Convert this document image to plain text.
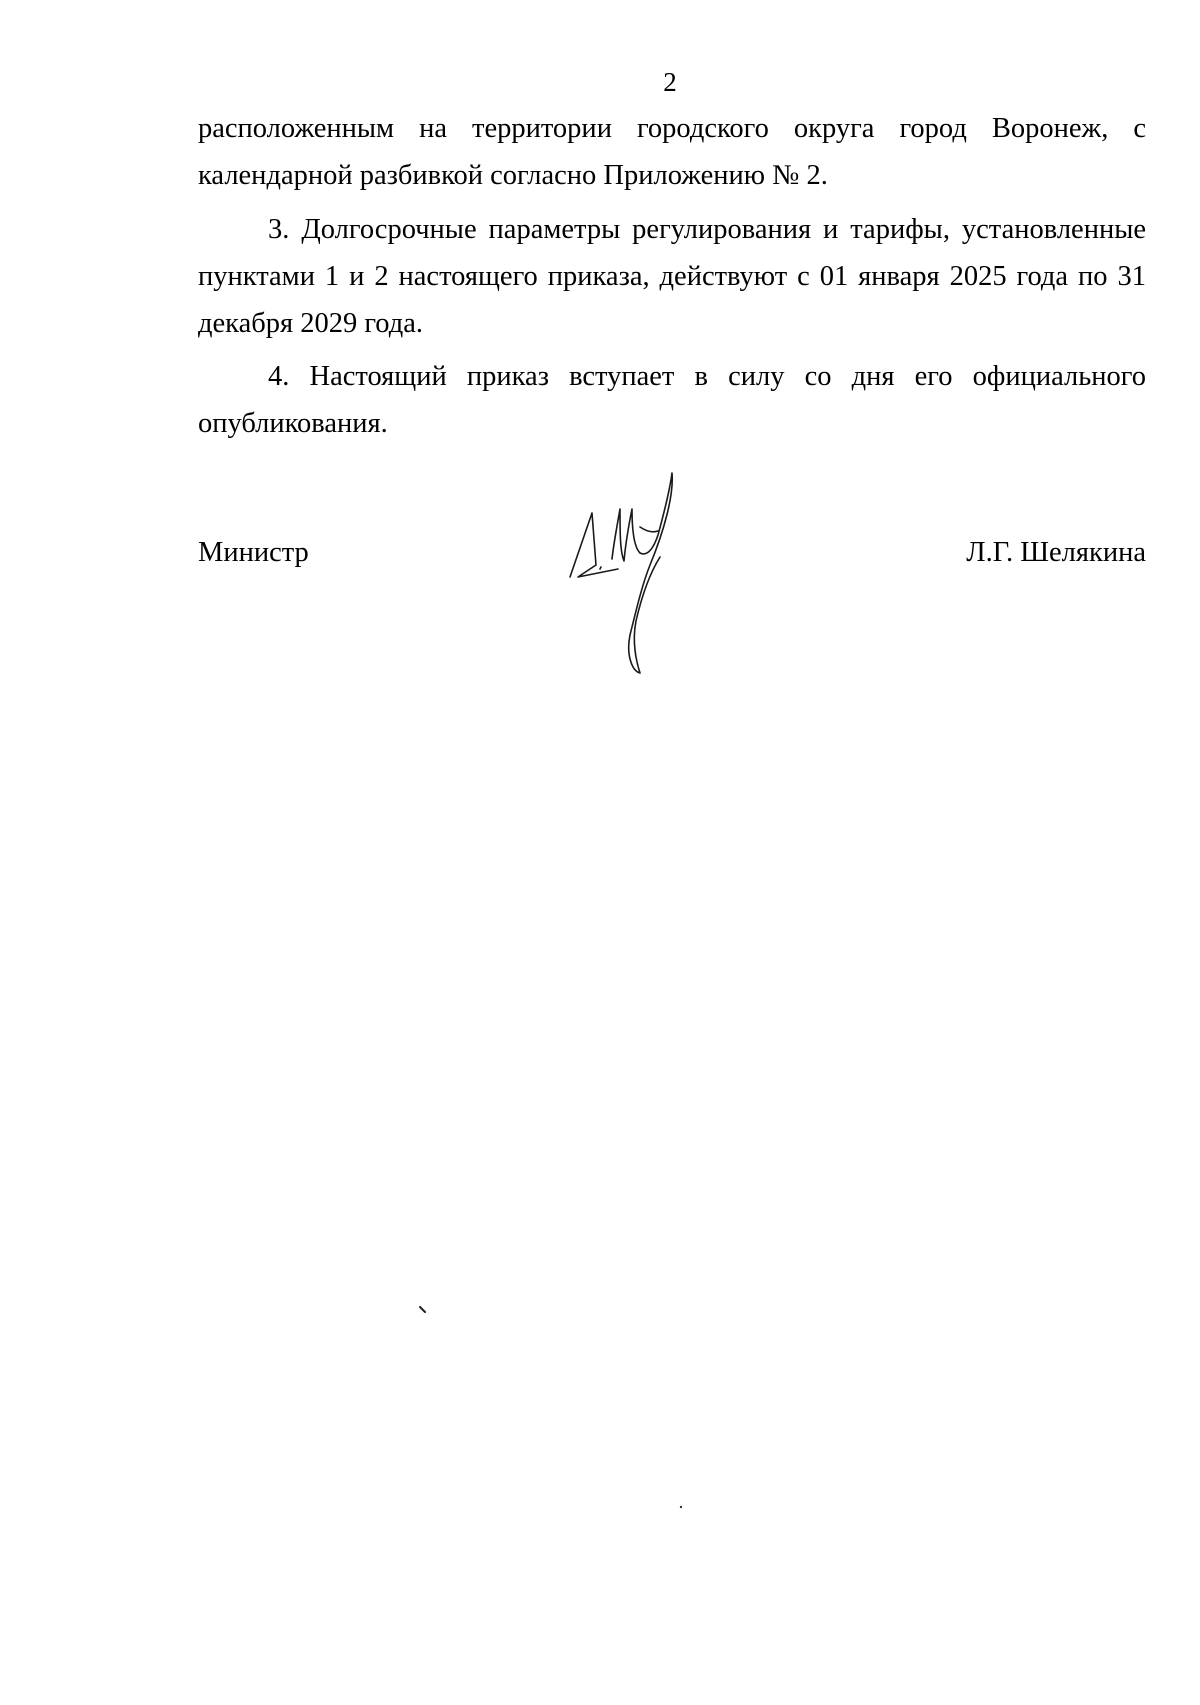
2

расположенным на территории городского округа город Воронеж, с календарной разбивкой согласно Приложению № 2.

3. Долгосрочные параметры регулирования и тарифы, установленные пунктами 1 и 2 настоящего приказа, действуют с 01 января 2025 года по 31 декабря 2029 года.

4. Настоящий приказ вступает в силу со дня его официального опубликования.

Министр	Л.Г. Шелякина
